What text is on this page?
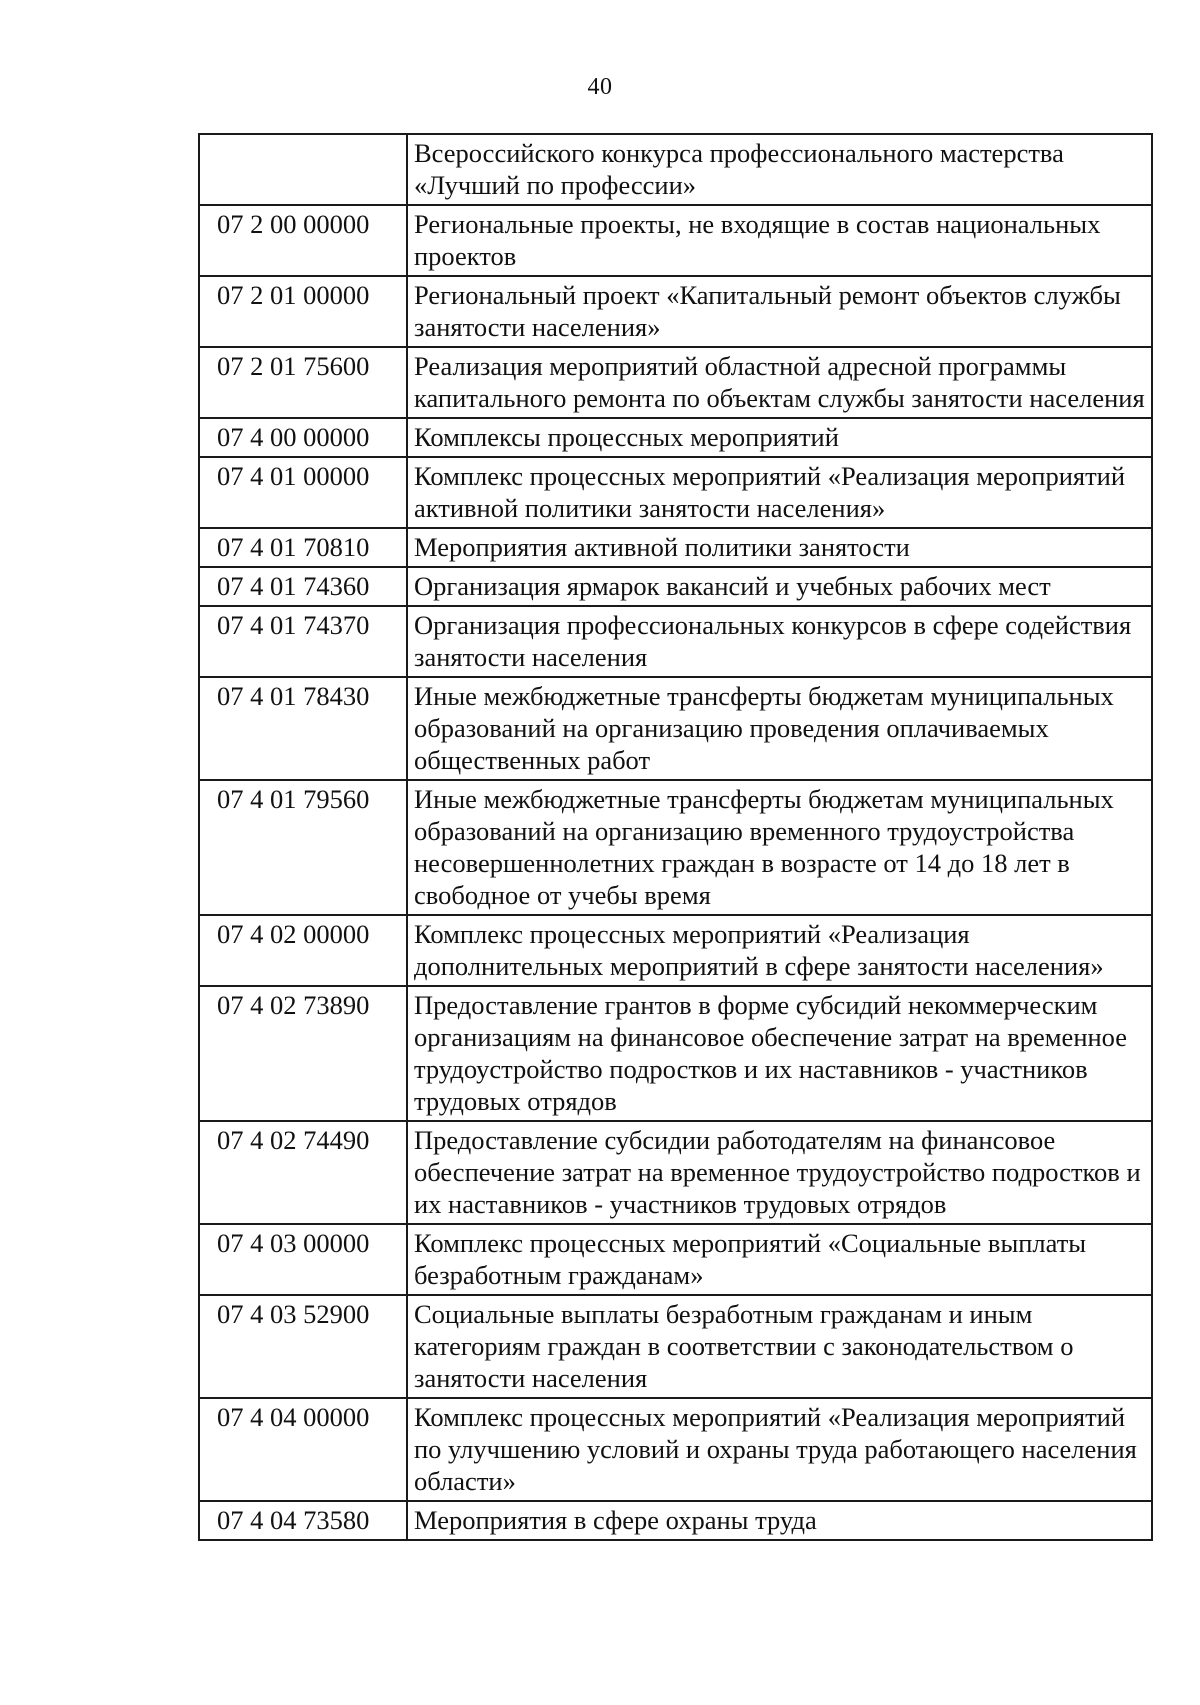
40
	Всероссийского конкурса профессионального мастерства «Лучший по профессии»
07 2 00 00000	Региональные проекты, не входящие в состав национальных проектов
07 2 01 00000	Региональный проект «Капитальный ремонт объектов службы занятости населения»
07 2 01 75600	Реализация мероприятий областной адресной программы капитального ремонта по объектам службы занятости населения
07 4 00 00000	Комплексы процессных мероприятий
07 4 01 00000	Комплекс процессных мероприятий «Реализация мероприятий активной политики занятости населения»
07 4 01 70810	Мероприятия активной политики занятости
07 4 01 74360	Организация ярмарок вакансий и учебных рабочих мест
07 4 01 74370	Организация профессиональных конкурсов в сфере содействия занятости населения
07 4 01 78430	Иные межбюджетные трансферты бюджетам муниципальных образований на организацию проведения оплачиваемых общественных работ
07 4 01 79560	Иные межбюджетные трансферты бюджетам муниципальных образований на организацию временного трудоустройства несовершеннолетних граждан в возрасте от 14 до 18 лет в свободное от учебы время
07 4 02 00000	Комплекс процессных мероприятий «Реализация дополнительных мероприятий в сфере занятости населения»
07 4 02 73890	Предоставление грантов в форме субсидий некоммерческим организациям на финансовое обеспечение затрат на временное трудоустройство подростков и их наставников - участников трудовых отрядов
07 4 02 74490	Предоставление субсидии работодателям на финансовое обеспечение затрат на временное трудоустройство подростков и их наставников - участников трудовых отрядов
07 4 03 00000	Комплекс процессных мероприятий «Социальные выплаты безработным гражданам»
07 4 03 52900	Социальные выплаты безработным гражданам и иным категориям граждан в соответствии с законодательством о занятости населения
07 4 04 00000	Комплекс процессных мероприятий «Реализация мероприятий по улучшению условий и охраны труда работающего населения области»
07 4 04 73580	Мероприятия в сфере охраны труда
